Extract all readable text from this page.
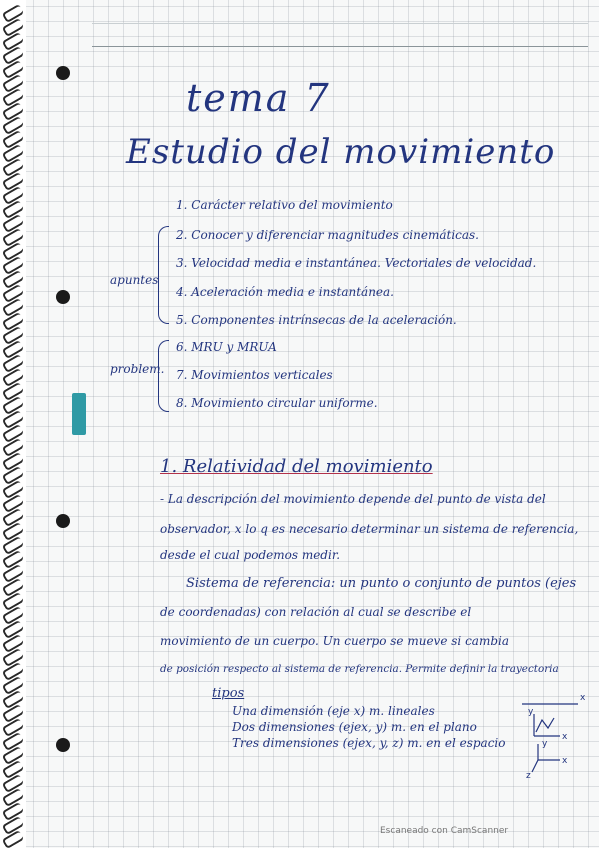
tema 7
Estudio del movimiento
1. Carácter relativo del movimiento
2. Conocer y diferenciar magnitudes cinemáticas.
3. Velocidad media e instantánea. Vectoriales de velocidad.
4. Aceleración media e instantánea.
5. Componentes intrínsecas de la aceleración.
6. MRU y MRUA
7. Movimientos verticales
8. Movimiento circular uniforme.
apuntes
problem.
1. Relatividad del movimiento
- La descripción del movimiento depende del punto de vista del
observador, x lo q es necesario determinar un sistema de referencia,
desde el cual podemos medir.
Sistema de referencia: un punto o conjunto de puntos (ejes
de coordenadas) con relación al cual se describe el
movimiento de un cuerpo. Un cuerpo se mueve si cambia
de posición respecto al sistema de referencia. Permite definir la trayectoria
tipos
Una dimensión (eje x) m. lineales
Dos dimensiones (ejex, y) m. en el plano
Tres dimensiones (ejex, y, z) m. en el espacio
x
x
y
y
x
z
Escaneado con CamScanner
